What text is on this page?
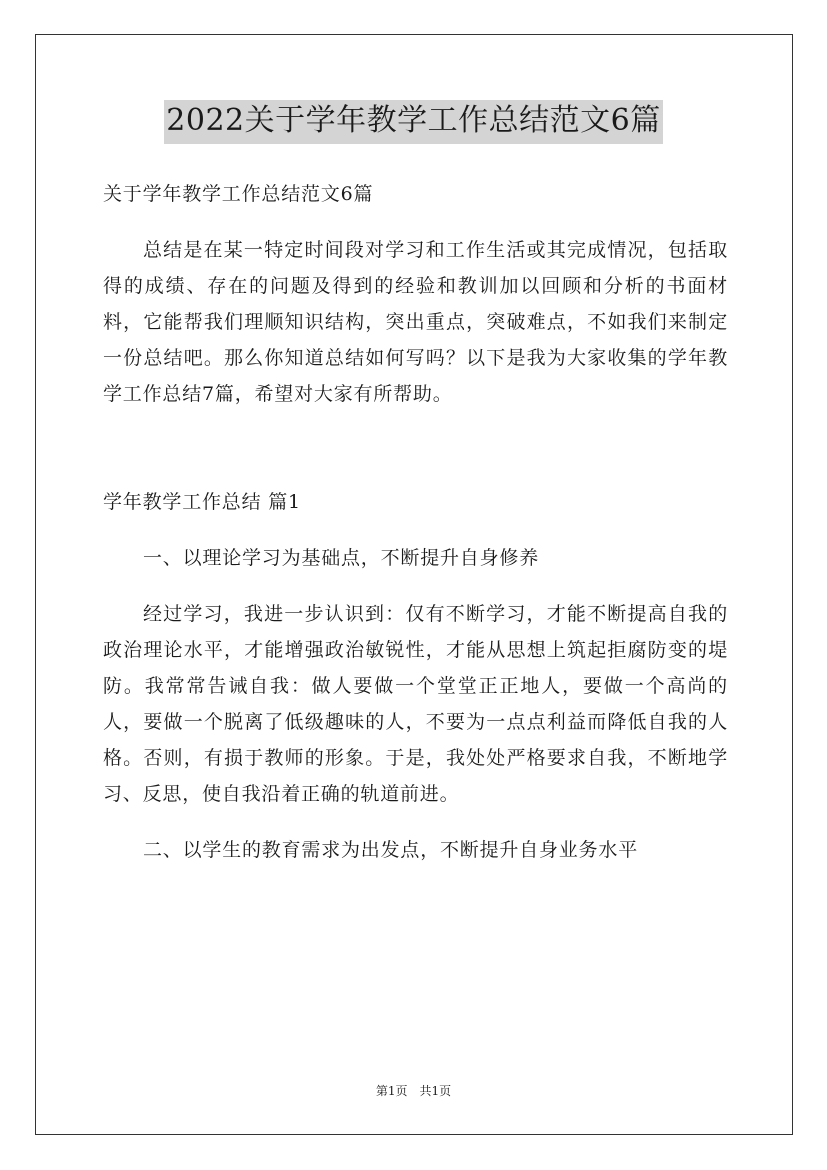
2022关于学年教学工作总结范文6篇

关于学年教学工作总结范文6篇

总结是在某一特定时间段对学习和工作生活或其完成情况，包括取得的成绩、存在的问题及得到的经验和教训加以回顾和分析的书面材料，它能帮我们理顺知识结构，突出重点，突破难点，不如我们来制定一份总结吧。那么你知道总结如何写吗？以下是我为大家收集的学年教学工作总结7篇，希望对大家有所帮助。

学年教学工作总结 篇1

一、以理论学习为基础点，不断提升自身修养

经过学习，我进一步认识到：仅有不断学习，才能不断提高自我的政治理论水平，才能增强政治敏锐性，才能从思想上筑起拒腐防变的堤防。我常常告诫自我：做人要做一个堂堂正正地人，要做一个高尚的人，要做一个脱离了低级趣味的人，不要为一点点利益而降低自我的人格。否则，有损于教师的形象。于是，我处处严格要求自我，不断地学习、反思，使自我沿着正确的轨道前进。

二、以学生的教育需求为出发点，不断提升自身业务水平

第1页　共1页
